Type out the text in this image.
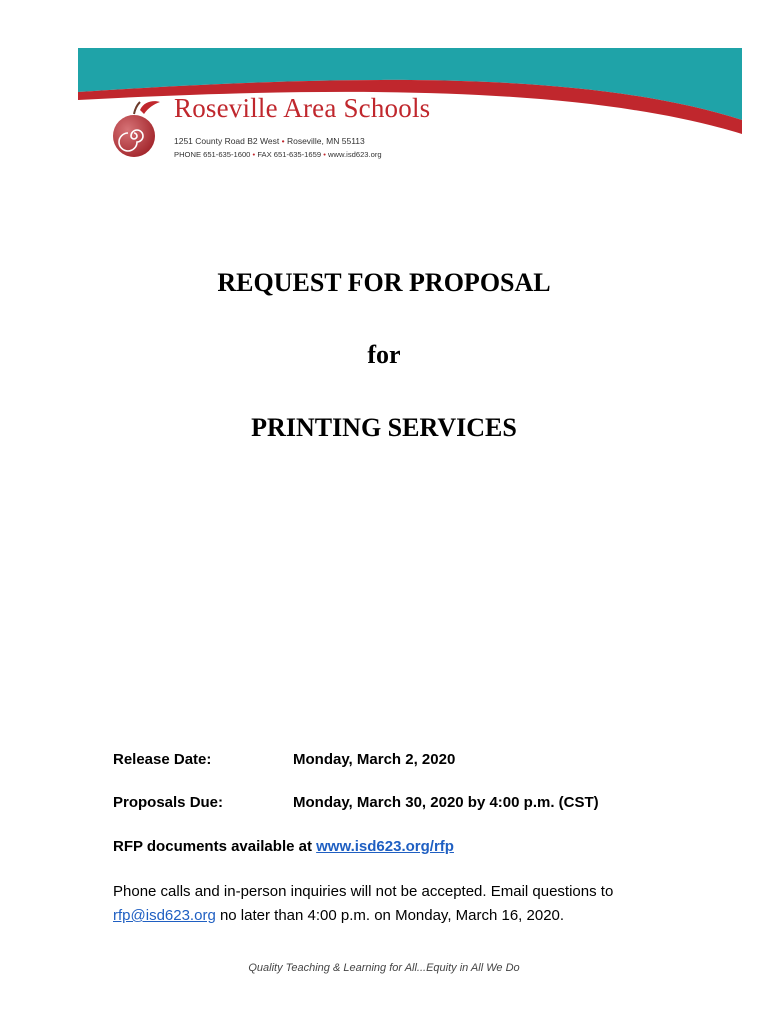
Roseville Area Schools
1251 County Road B2 West • Roseville, MN 55113
PHONE 651-635-1600 • FAX 651-635-1659 • www.isd623.org
REQUEST FOR PROPOSAL
for
PRINTING SERVICES
Release Date:	Monday, March 2, 2020
Proposals Due:	Monday, March 30, 2020 by 4:00 p.m. (CST)
RFP documents available at www.isd623.org/rfp
Phone calls and in-person inquiries will not be accepted. Email questions to rfp@isd623.org no later than 4:00 p.m. on Monday, March 16, 2020.
Quality Teaching & Learning for All...Equity in All We Do
